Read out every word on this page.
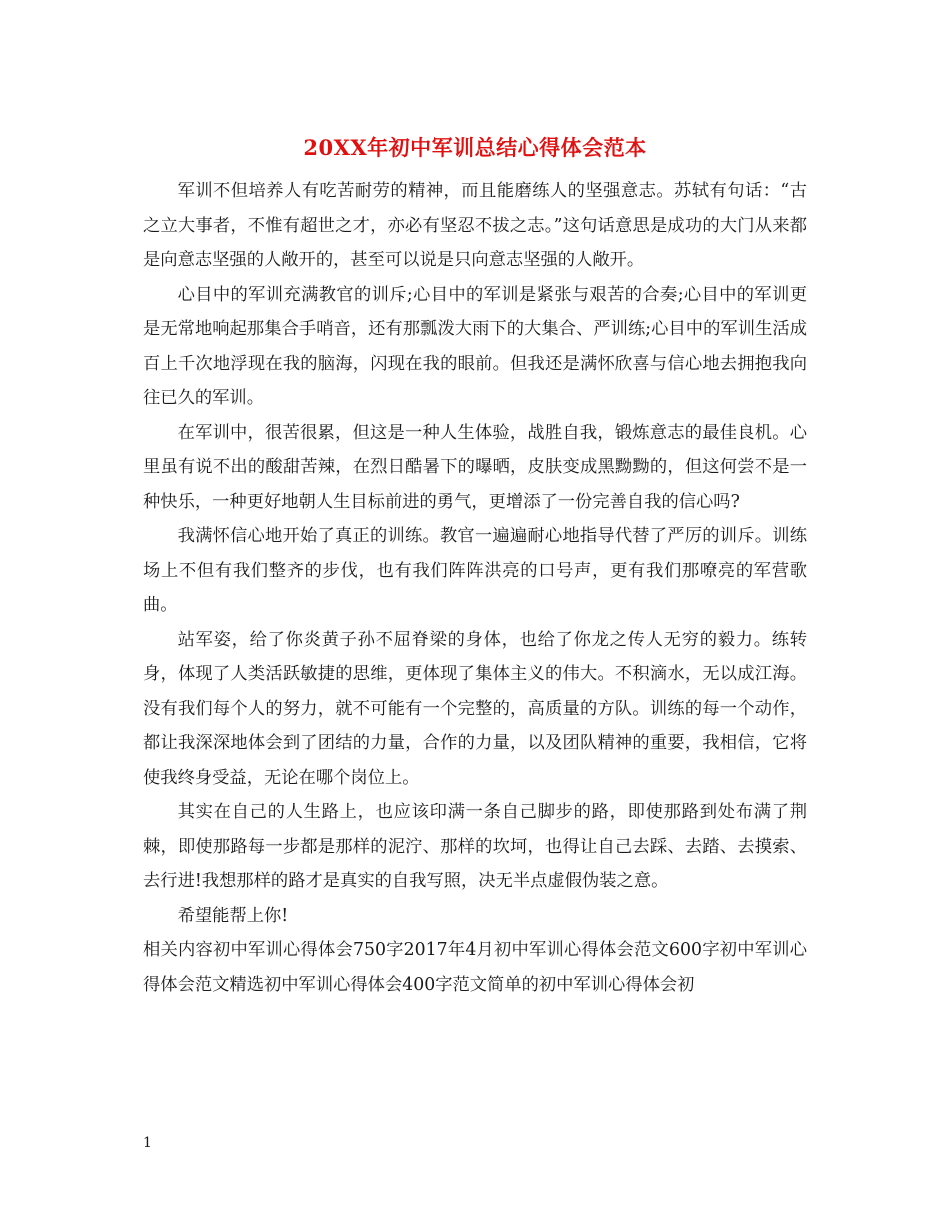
20XX年初中军训总结心得体会范本

军训不但培养人有吃苦耐劳的精神，而且能磨练人的坚强意志。苏轼有句话：“古之立大事者，不惟有超世之才，亦必有坚忍不拔之志。”这句话意思是成功的大门从来都是向意志坚强的人敞开的，甚至可以说是只向意志坚强的人敞开。

心目中的军训充满教官的训斥;心目中的军训是紧张与艰苦的合奏;心目中的军训更是无常地响起那集合手哨音，还有那瓢泼大雨下的大集合、严训练;心目中的军训生活成百上千次地浮现在我的脑海，闪现在我的眼前。但我还是满怀欣喜与信心地去拥抱我向往已久的军训。

在军训中，很苦很累，但这是一种人生体验，战胜自我，锻炼意志的最佳良机。心里虽有说不出的酸甜苦辣，在烈日酷暑下的曝晒，皮肤变成黑黝黝的，但这何尝不是一种快乐，一种更好地朝人生目标前进的勇气，更增添了一份完善自我的信心吗?

我满怀信心地开始了真正的训练。教官一遍遍耐心地指导代替了严厉的训斥。训练场上不但有我们整齐的步伐，也有我们阵阵洪亮的口号声，更有我们那嘹亮的军营歌曲。

站军姿，给了你炎黄子孙不屈脊梁的身体，也给了你龙之传人无穷的毅力。练转身，体现了人类活跃敏捷的思维，更体现了集体主义的伟大。不积滴水，无以成江海。没有我们每个人的努力，就不可能有一个完整的，高质量的方队。训练的每一个动作，都让我深深地体会到了团结的力量，合作的力量，以及团队精神的重要，我相信，它将使我终身受益，无论在哪个岗位上。

其实在自己的人生路上，也应该印满一条自己脚步的路，即使那路到处布满了荆棘，即使那路每一步都是那样的泥泞、那样的坎坷，也得让自己去踩、去踏、去摸索、去行进!我想那样的路才是真实的自我写照，决无半点虚假伪装之意。

希望能帮上你!

相关内容初中军训心得体会750字2017年4月初中军训心得体会范文600字初中军训心得体会范文精选初中军训心得体会400字范文简单的初中军训心得体会初

1
